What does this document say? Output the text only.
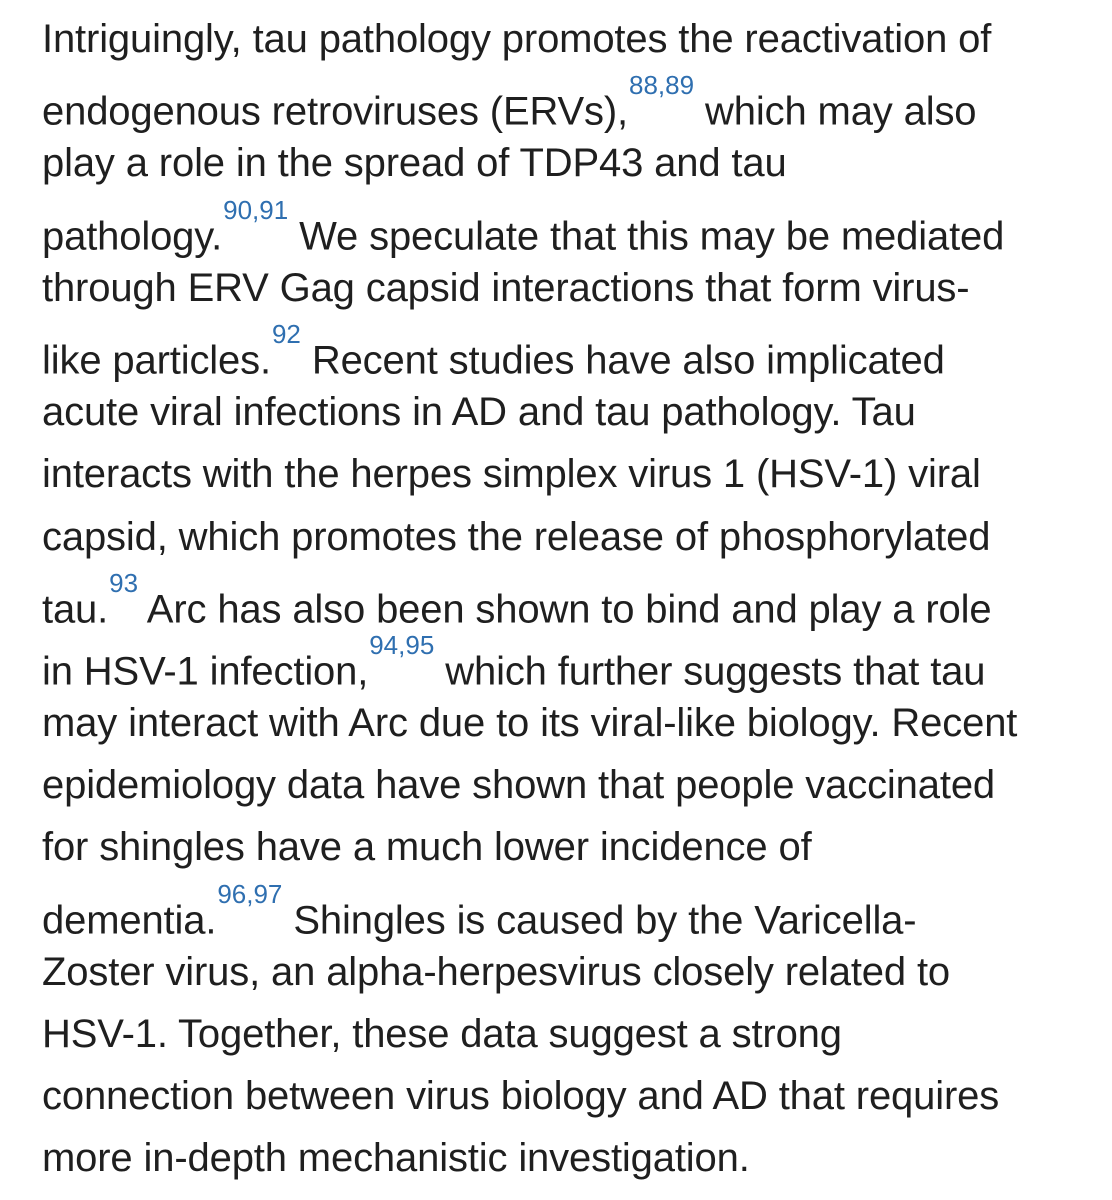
Intriguingly, tau pathology promotes the reactivation of
endogenous retroviruses (ERVs),$^{88,89}$ which may also
play a role in the spread of TDP43 and tau
pathology.$^{90,91}$ We speculate that this may be mediated
through ERV Gag capsid interactions that form virus-
like particles.$^{92}$ Recent studies have also implicated
acute viral infections in AD and tau pathology. Tau
interacts with the herpes simplex virus 1 (HSV-1) viral
capsid, which promotes the release of phosphorylated
tau.$^{93}$ Arc has also been shown to bind and play a role
in HSV-1 infection,$^{94,95}$ which further suggests that tau
may interact with Arc due to its viral-like biology. Recent
epidemiology data have shown that people vaccinated
for shingles have a much lower incidence of
dementia.$^{96,97}$ Shingles is caused by the Varicella-
Zoster virus, an alpha-herpesvirus closely related to
HSV-1. Together, these data suggest a strong
connection between virus biology and AD that requires
more in-depth mechanistic investigation.
